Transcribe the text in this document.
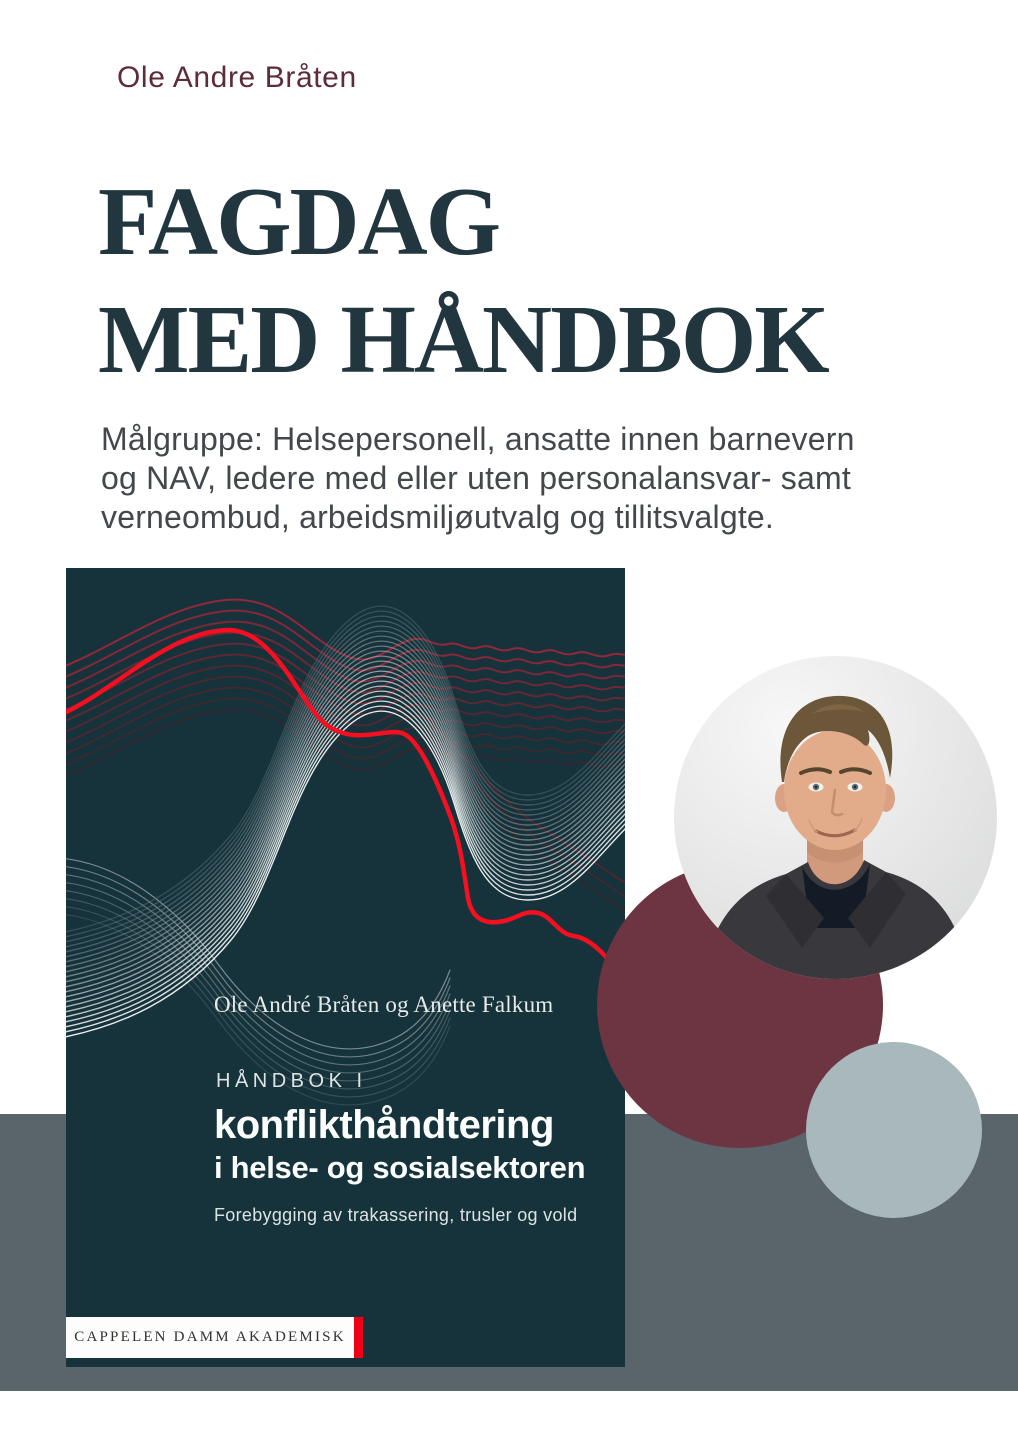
Ole Andre Bråten
FAGDAG
MED HÅNDBOK
Målgruppe: Helsepersonell, ansatte innen barnevern
og NAV, ledere med eller uten personalansvar- samt
verneombud, arbeidsmiljøutvalg og tillitsvalgte.
Ole André Bråten og Anette Falkum
HÅNDBOK I
konflikthåndtering
i helse- og sosialsektoren
Forebygging av trakassering, trusler og vold
CAPPELEN DAMM AKADEMISK
